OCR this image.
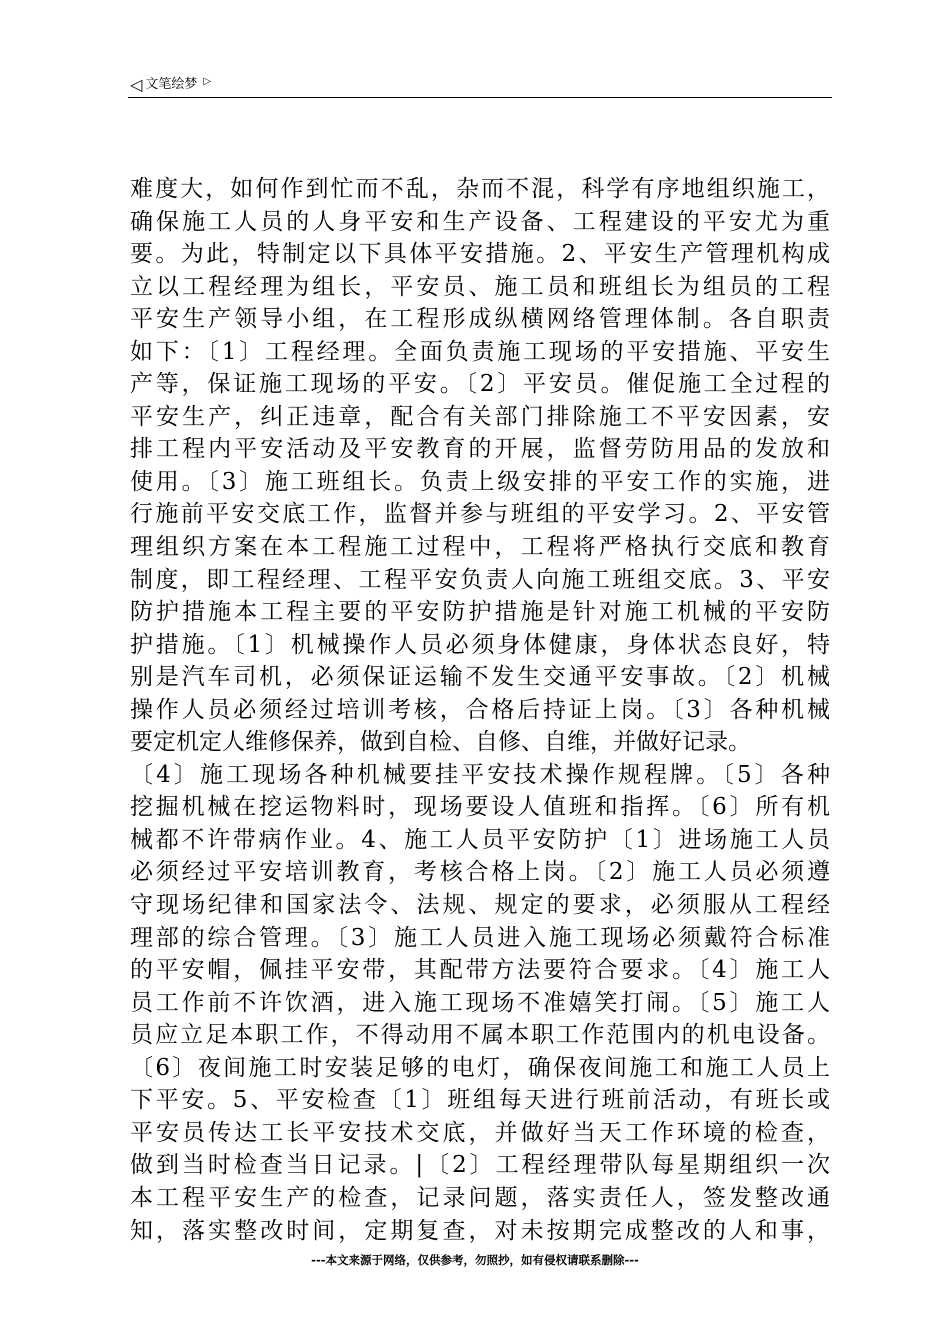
◁ 文笔绘梦 ▷
难度大，如何作到忙而不乱，杂而不混，科学有序地组织施工，
确保施工人员的人身平安和生产设备、工程建设的平安尤为重
要。为此，特制定以下具体平安措施。2、平安生产管理机构成
立以工程经理为组长，平安员、施工员和班组长为组员的工程
平安生产领导小组，在工程形成纵横网络管理体制。各自职责
如下：〔1〕工程经理。全面负责施工现场的平安措施、平安生
产等，保证施工现场的平安。〔2〕平安员。催促施工全过程的
平安生产，纠正违章，配合有关部门排除施工不平安因素，安
排工程内平安活动及平安教育的开展，监督劳防用品的发放和
使用。〔3〕施工班组长。负责上级安排的平安工作的实施，进
行施前平安交底工作，监督并参与班组的平安学习。2、平安管
理组织方案在本工程施工过程中，工程将严格执行交底和教育
制度，即工程经理、工程平安负责人向施工班组交底。3、平安
防护措施本工程主要的平安防护措施是针对施工机械的平安防
护措施。〔1〕机械操作人员必须身体健康，身体状态良好，特
别是汽车司机，必须保证运输不发生交通平安事故。〔2〕机械
操作人员必须经过培训考核，合格后持证上岗。〔3〕各种机械
要定机定人维修保养，做到自检、自修、自维，并做好记录。
〔4〕施工现场各种机械要挂平安技术操作规程牌。〔5〕各种
挖掘机械在挖运物料时，现场要设人值班和指挥。〔6〕所有机
械都不许带病作业。4、施工人员平安防护〔1〕进场施工人员
必须经过平安培训教育，考核合格上岗。〔2〕施工人员必须遵
守现场纪律和国家法令、法规、规定的要求，必须服从工程经
理部的综合管理。〔3〕施工人员进入施工现场必须戴符合标准
的平安帽，佩挂平安带，其配带方法要符合要求。〔4〕施工人
员工作前不许饮酒，进入施工现场不准嬉笑打闹。〔5〕施工人
员应立足本职工作，不得动用不属本职工作范围内的机电设备。
〔6〕夜间施工时安装足够的电灯，确保夜间施工和施工人员上
下平安。5、平安检查〔1〕班组每天进行班前活动，有班长或
平安员传达工长平安技术交底，并做好当天工作环境的检查，
做到当时检查当日记录。|〔2〕工程经理带队每星期组织一次
本工程平安生产的检查，记录问题，落实责任人，签发整改通
知，落实整改时间，定期复查，对未按期完成整改的人和事，
---本文来源于网络，仅供参考，勿照抄，如有侵权请联系删除---
